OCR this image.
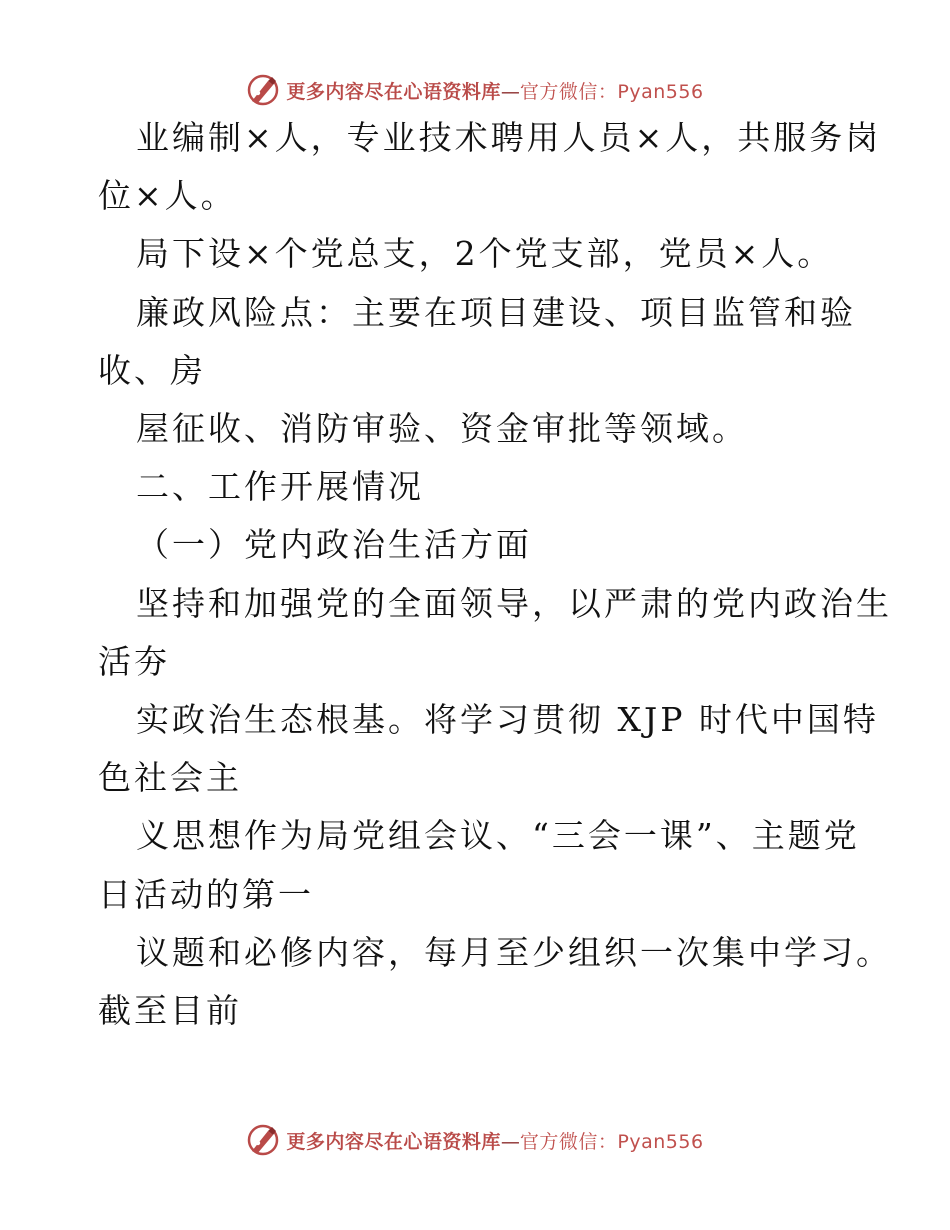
更多内容尽在心语资料库—官方微信：Pyan556
业编制×人，专业技术聘用人员×人，共服务岗
位×人。
局下设×个党总支，2个党支部，党员×人。
廉政风险点：主要在项目建设、项目监管和验
收、房
屋征收、消防审验、资金审批等领域。
二、工作开展情况
（一）党内政治生活方面
坚持和加强党的全面领导，以严肃的党内政治生
活夯
实政治生态根基。将学习贯彻 XJP 时代中国特
色社会主
义思想作为局党组会议、“三会一课”、主题党
日活动的第一
议题和必修内容，每月至少组织一次集中学习。
截至目前
更多内容尽在心语资料库—官方微信：Pyan556
